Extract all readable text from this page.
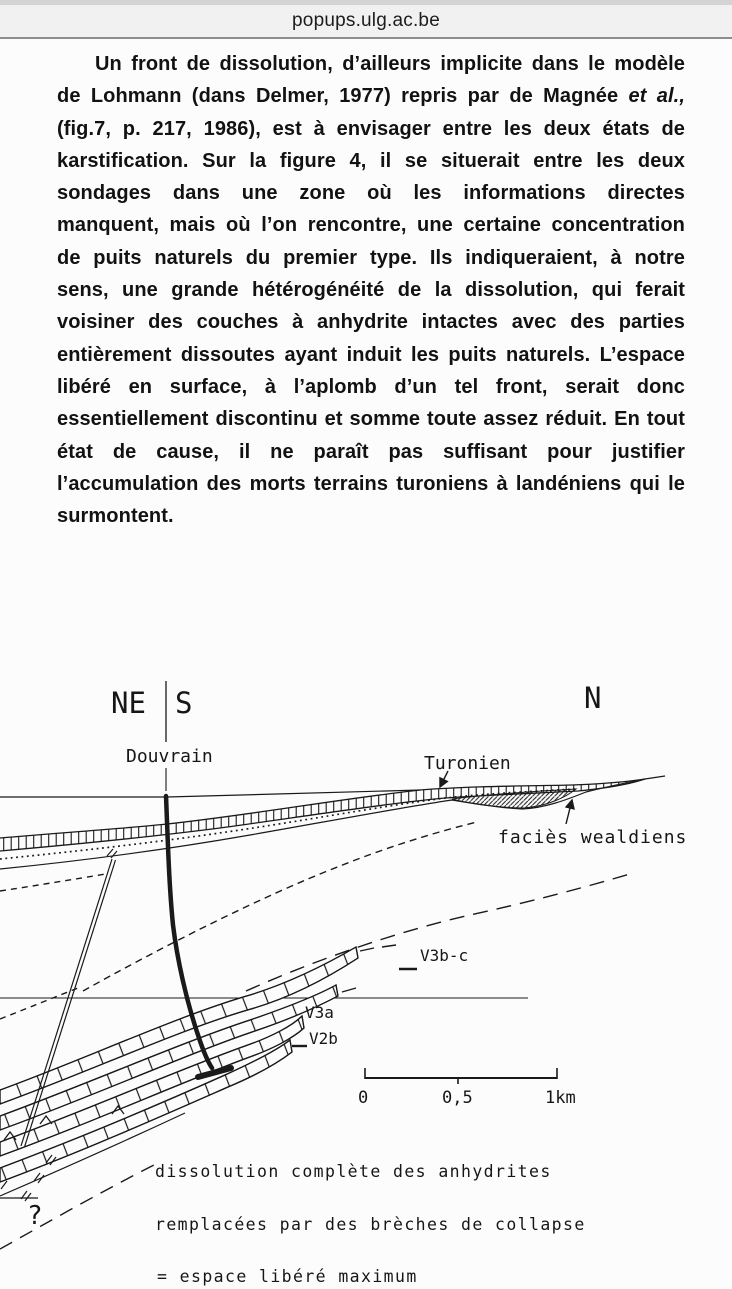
popups.ulg.ac.be

Un front de dissolution, d’ailleurs implicite dans le modèle de Lohmann (dans Delmer, 1977) repris par de Magnée et al., (fig.7, p. 217, 1986), est à envisager entre les deux états de karstification. Sur la figure 4, il se situerait entre les deux sondages dans une zone où les informations directes manquent, mais où l’on rencontre, une certaine concentration de puits naturels du premier type. Ils indiqueraient, à notre sens, une grande hétérogénéité de la dissolution, qui ferait voisiner des couches à anhydrite intactes avec des parties entièrement dissoutes ayant induit les puits naturels. L’espace libéré en surface, à l’aplomb d’un tel front, serait donc essentiellement discontinu et somme toute assez réduit. En tout état de cause, il ne paraît pas suffisant pour justifier l’accumulation des morts terrains turoniens à landéniens qui le surmontent.

NE S	N
Douvrain	Turonien
faciès wealdiens
V3b-c
V3a
V2b
?
0	0,5	1km
dissolution complète des anhydrites
remplacées par des brèches de collapse
= espace libéré maximum
